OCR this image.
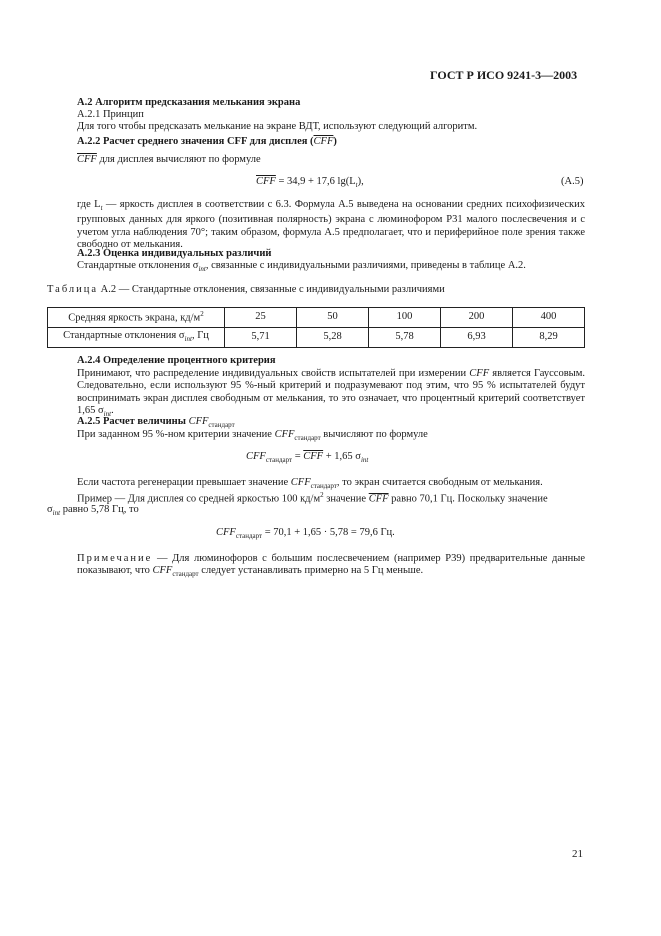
ГОСТ Р ИСО 9241-3—2003
А.2 Алгоритм предсказания мелькания экрана
А.2.1 Принцип
Для того чтобы предсказать мелькание на экране ВДТ, используют следующий алгоритм.
А.2.2 Расчет среднего значения CFF для дисплея $(\overline{CFF})$
$\overline{CFF}$ для дисплея вычисляют по формуле
$\overline{CFF} = 34,9 + 17,6$ $\lg(L_t)$,	(А.5)
где $L_t$ — яркость дисплея в соответствии с 6.3. Формула А.5 выведена на основании средних психофизических групповых данных для яркого (позитивная полярность) экрана с люминофором Р31 малого послесвечения и с учетом угла наблюдения 70°; таким образом, формула А.5 предполагает, что и периферийное поле зрения также свободно от мелькания.
А.2.3 Оценка индивидуальных различий
Стандартные отклонения $\sigma_{int}$, связанные с индивидуальными различиями, приведены в таблице А.2.
Таблица А.2 — Стандартные отклонения, связанные с индивидуальными различиями
Средняя яркость экрана, $кд/м^2$	25	50	100	200	400
Стандартные отклонения $\sigma_{int}$, Гц	5,71	5,28	5,78	6,93	8,29
А.2.4 Определение процентного критерия
Принимают, что распределение индивидуальных свойств испытателей при измерении CFF является Гауссовым. Следовательно, если используют 95 %-ный критерий и подразумевают под этим, что 95 % испытателей будут воспринимать экран дисплея свободным от мелькания, то это означает, что процентный критерий соответствует 1,65 $\sigma_{int}$.
А.2.5 Расчет величины $CFF_{стандарт}$
При заданном 95 %-ном критерии значение $CFF_{стандарт}$ вычисляют по формуле
$CFF_{стандарт} = \overline{CFF} + 1,65$ $\sigma_{int}$
Если частота регенерации превышает значение $CFF_{стандарт}$, то экран считается свободным от мелькания.
Пример — Для дисплея со средней яркостью 100 $кд/м^2$ значение $\overline{CFF}$ равно 70,1 Гц. Поскольку значение
$\sigma_{int}$ равно 5,78 Гц, то
$CFF_{стандарт} = 70,1 + 1,65 \cdot 5,78 = 79,6$ Гц.
Примечание — Для люминофоров с большим послесвечением (например Р39) предварительные данные показывают, что $CFF_{стандарт}$ следует устанавливать примерно на 5 Гц меньше.
21
